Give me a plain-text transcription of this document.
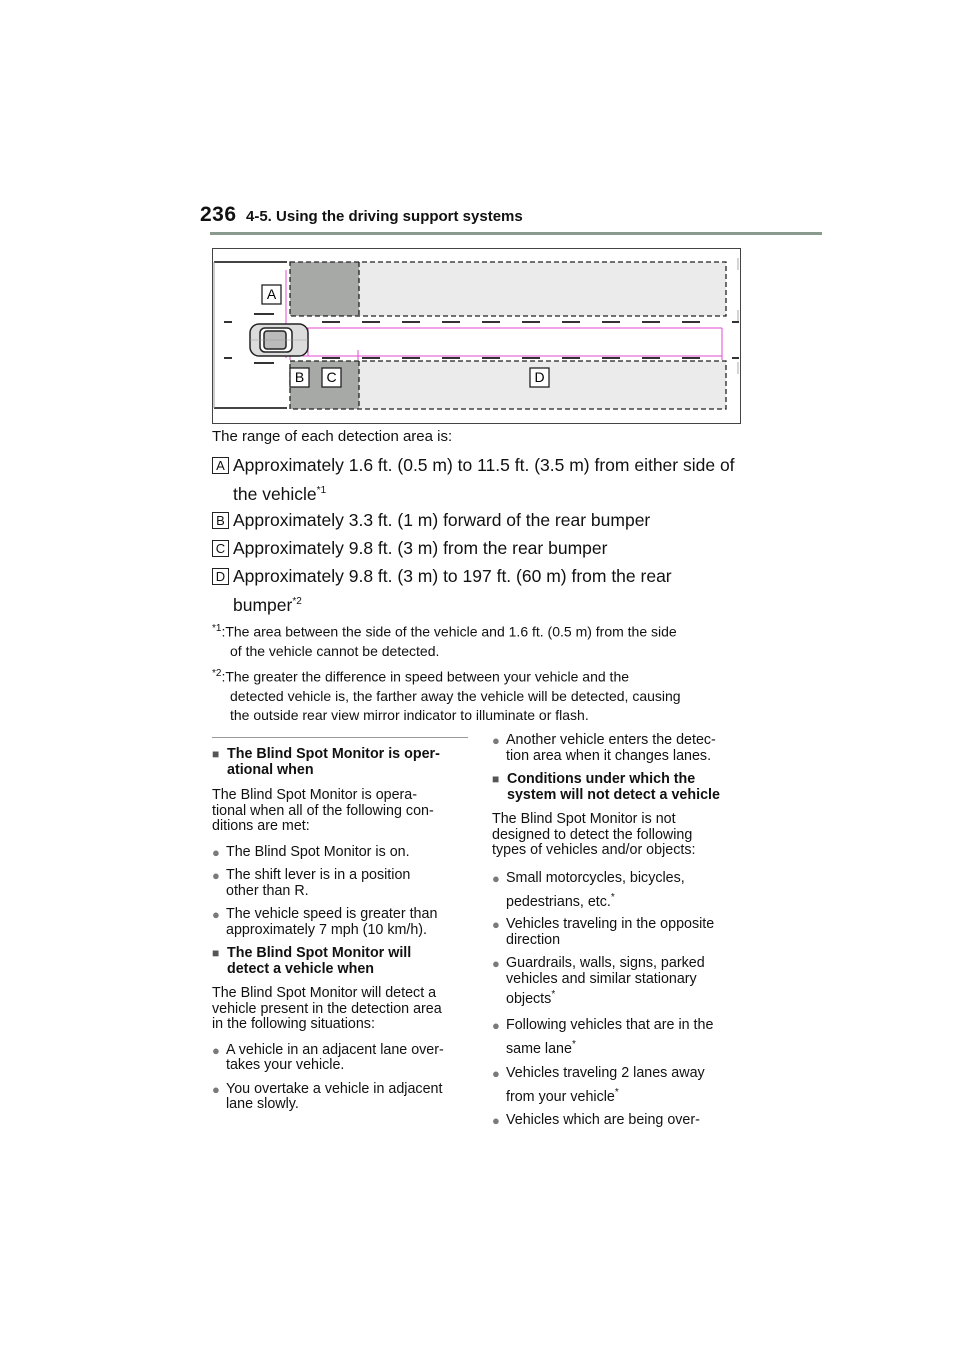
236 4-5. Using the driving support systems
A
B C	D
The range of each detection area is:
A Approximately 1.6 ft. (0.5 m) to 11.5 ft. (3.5 m) from either side of
the vehicle$^{*1}$
B Approximately 3.3 ft. (1 m) forward of the rear bumper
C Approximately 9.8 ft. (3 m) from the rear bumper
D Approximately 9.8 ft. (3 m) to 197 ft. (60 m) from the rear
bumper$^{*2}$
$^{*1}$:The area between the side of the vehicle and 1.6 ft. (0.5 m) from the side
of the vehicle cannot be detected.
$^{*2}$:The greater the difference in speed between your vehicle and the
detected vehicle is, the farther away the vehicle will be detected, causing
the outside rear view mirror indicator to illuminate or flash.

■ The Blind Spot Monitor is oper-
ational when

The Blind Spot Monitor is opera-
tional when all of the following con-
ditions are met:

● The Blind Spot Monitor is on.

● The shift lever is in a position
other than R.

● The vehicle speed is greater than
approximately 7 mph (10 km/h).

■ The Blind Spot Monitor will
detect a vehicle when

The Blind Spot Monitor will detect a
vehicle present in the detection area
in the following situations:

● A vehicle in an adjacent lane over-
takes your vehicle.

● You overtake a vehicle in adjacent
lane slowly.

● Another vehicle enters the detec-
tion area when it changes lanes.

■ Conditions under which the
system will not detect a vehicle

The Blind Spot Monitor is not
designed to detect the following
types of vehicles and/or objects:

● Small motorcycles, bicycles,
pedestrians, etc.*

● Vehicles traveling in the opposite
direction

● Guardrails, walls, signs, parked
vehicles and similar stationary
objects*

● Following vehicles that are in the
same lane*

● Vehicles traveling 2 lanes away
from your vehicle*

● Vehicles which are being over-
